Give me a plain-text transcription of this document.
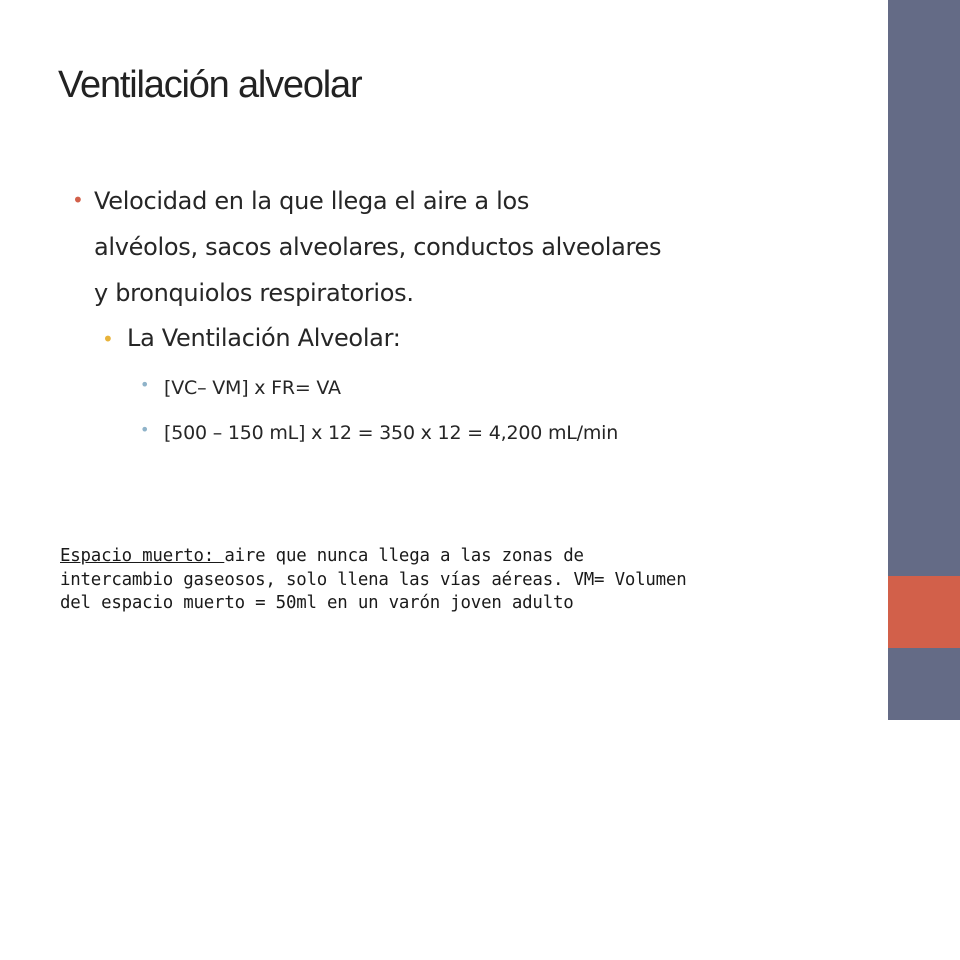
Ventilación alveolar
• Velocidad en la que llega el aire a los
alvéolos, sacos alveolares, conductos alveolares
y bronquiolos respiratorios.
• La Ventilación Alveolar:
• [VC– VM] x FR= VA
• [500 – 150 mL] x 12 = 350 x 12 = 4,200 mL/min
Espacio muerto: aire que nunca llega a las zonas de
intercambio gaseosos, solo llena las vías aéreas. VM= Volumen
del espacio muerto = 50ml en un varón joven adulto
